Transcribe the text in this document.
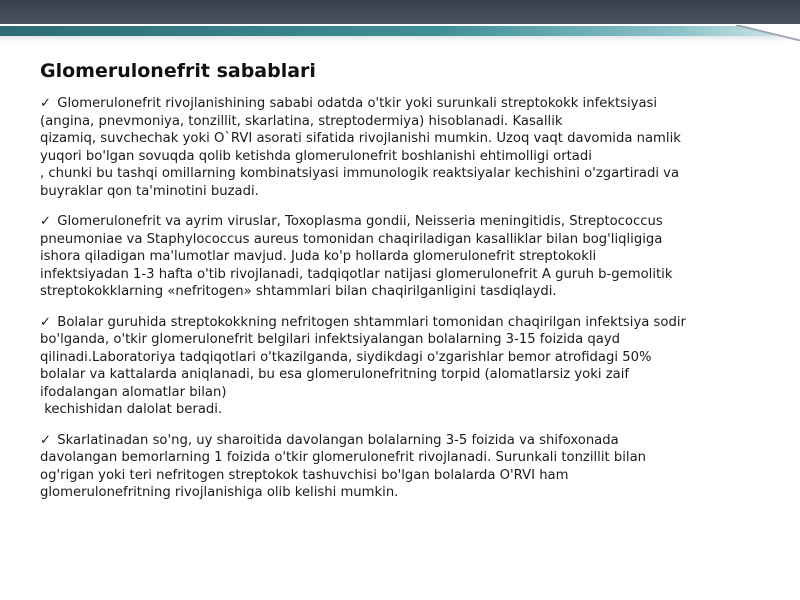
Glomerulonefrit sabablari

✓ Glomerulonefrit rivojlanishining sababi odatda o'tkir yoki surunkali streptokokk infektsiyasi
(angina, pnevmoniya, tonzillit, skarlatina, streptodermiya) hisoblanadi. Kasallik
qizamiq, suvchechak yoki O`RVI asorati sifatida rivojlanishi mumkin. Uzoq vaqt davomida namlik
yuqori bo'lgan sovuqda qolib ketishda glomerulonefrit boshlanishi ehtimolligi ortadi
, chunki bu tashqi omillarning kombinatsiyasi immunologik reaktsiyalar kechishini o'zgartiradi va
buyraklar qon ta'minotini buzadi.

✓ Glomerulonefrit va ayrim viruslar, Toxoplasma gondii, Neisseria meningitidis, Streptococcus
pneumoniae va Staphylococcus aureus tomonidan chaqiriladigan kasalliklar bilan bog'liqligiga
ishora qiladigan ma'lumotlar mavjud. Juda ko'p hollarda glomerulonefrit streptokokli
infektsiyadan 1-3 hafta o'tib rivojlanadi, tadqiqotlar natijasi glomerulonefrit A guruh b-gemolitik
streptokokklarning «nefritogen» shtammlari bilan chaqirilganligini tasdiqlaydi.

✓ Bolalar guruhida streptokokkning nefritogen shtammlari tomonidan chaqirilgan infektsiya sodir
bo'lganda, o'tkir glomerulonefrit belgilari infektsiyalangan bolalarning 3-15 foizida qayd
qilinadi.Laboratoriya tadqiqotlari o'tkazilganda, siydikdagi o'zgarishlar bemor atrofidagi 50%
bolalar va kattalarda aniqlanadi, bu esa glomerulonefritning torpid (alomatlarsiz yoki zaif
ifodalangan alomatlar bilan)
kechishidan dalolat beradi.

✓ Skarlatinadan so'ng, uy sharoitida davolangan bolalarning 3-5 foizida va shifoxonada
davolangan bemorlarning 1 foizida o'tkir glomerulonefrit rivojlanadi. Surunkali tonzillit bilan
og'rigan yoki teri nefritogen streptokok tashuvchisi bo'lgan bolalarda O'RVI ham
glomerulonefritning rivojlanishiga olib kelishi mumkin.
